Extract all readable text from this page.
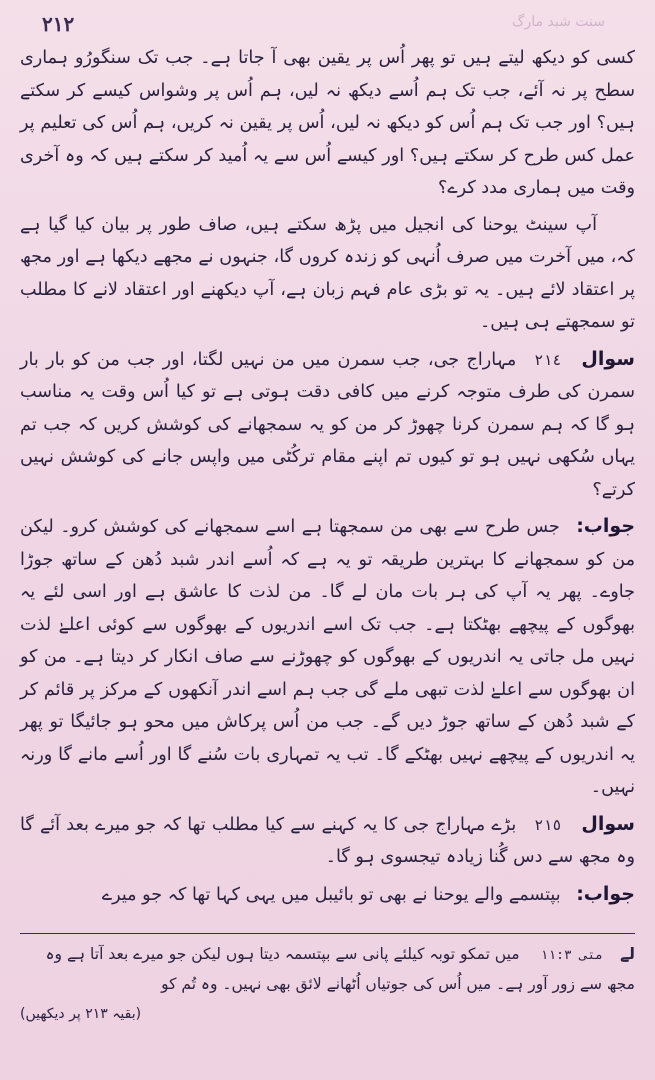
٢١٢	سنت شبد مارگ

کسی کو دیکھ لیتے ہیں تو پھر اُس پر یقین بھی آ جاتا ہے۔ جب تک سنگورُو ہماری سطح پر نہ آئے، جب تک ہم اُسے دیکھ نہ لیں، ہم اُس پر وشواس کیسے کر سکتے ہیں؟ اور جب تک ہم اُس کو دیکھ نہ لیں، اُس پر یقین نہ کریں، ہم اُس کی تعلیم پر عمل کس طرح کر سکتے ہیں؟ اور کیسے اُس سے یہ اُمید کر سکتے ہیں کہ وہ آخری وقت میں ہماری مدد کرے؟

آپ سینٹ یوحنا کی انجیل میں پڑھ سکتے ہیں، صاف طور پر بیان کیا گیا ہے کہ، میں آخرت میں صرف اُنہی کو زندہ کروں گا، جنہوں نے مجھے دیکھا ہے اور مجھ پر اعتقاد لائے ہیں۔ یہ تو بڑی عام فہم زبان ہے، آپ دیکھنے اور اعتقاد لانے کا مطلب تو سمجھتے ہی ہیں۔

سوال٢١٤مہاراج جی، جب سمرن میں من نہیں لگتا، اور جب من کو بار بار سمرن کی طرف متوجہ کرنے میں کافی دقت ہوتی ہے تو کیا اُس وقت یہ مناسب ہو گا کہ ہم سمرن کرنا چھوڑ کر من کو یہ سمجھانے کی کوشش کریں کہ جب تم یہاں سُکھی نہیں ہو تو کیوں تم اپنے مقام ترکُٹی میں واپس جانے کی کوشش نہیں کرتے؟

جواب: جس طرح سے بھی من سمجھتا ہے اسے سمجھانے کی کوشش کرو۔ لیکن من کو سمجھانے کا بہترین طریقہ تو یہ ہے کہ اُسے اندر شبد دُھن کے ساتھ جوڑا جاوے۔ پھر یہ آپ کی ہر بات مان لے گا۔ من لذت کا عاشق ہے اور اسی لئے یہ بھوگوں کے پیچھے بھٹکتا ہے۔ جب تک اسے اندریوں کے بھوگوں سے کوئی اعلےٰ لذت نہیں مل جاتی یہ اندریوں کے بھوگوں کو چھوڑنے سے صاف انکار کر دیتا ہے۔ من کو ان بھوگوں سے اعلےٰ لذت تبھی ملے گی جب ہم اسے اندر آنکھوں کے مرکز پر قائم کر کے شبد دُھن کے ساتھ جوڑ دیں گے۔ جب من اُس پرکاش میں محو ہو جائیگا تو پھر یہ اندریوں کے پیچھے نہیں بھٹکے گا۔ تب یہ تمہاری بات سُنے گا اور اُسے مانے گا ورنہ نہیں۔

سوال٢١٥بڑے مہاراج جی کا یہ کہنے سے کیا مطلب تھا کہ جو میرے بعد آئے گا وہ مجھ سے دس گُنا زیادہ تیجسوی ہو گا۔

جواب: بپتسمے والے یوحنا نے بھی تو بائیبل میں یہی کہا تھا کہ جو میرے

لے متی ١١:٣ میں تمکو توبہ کیلئے پانی سے بپتسمہ دیتا ہوں لیکن جو میرے بعد آتا ہے وہ مجھ سے زور آور ہے۔ میں اُس کی جوتیاں اُٹھانے لائق بھی نہیں۔ وہ تُم کو
(بقیہ ٢١٣ پر دیکھیں)
